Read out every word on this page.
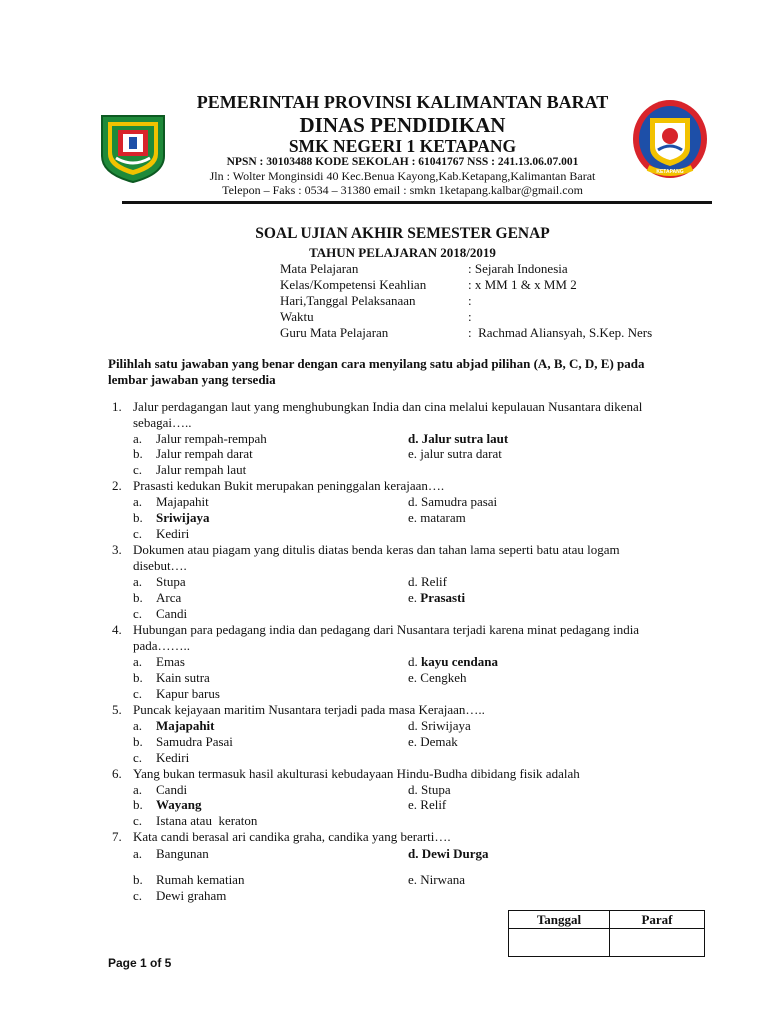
KETAPANG
PEMERINTAH PROVINSI KALIMANTAN BARAT
DINAS PENDIDIKAN
SMK NEGERI 1 KETAPANG
NPSN : 30103488 KODE SEKOLAH : 61041767 NSS : 241.13.06.07.001
Jln : Wolter Monginsidi 40 Kec.Benua Kayong,Kab.Ketapang,Kalimantan Barat
Telepon – Faks : 0534 – 31380 email : smkn 1ketapang.kalbar@gmail.com
SOAL UJIAN AKHIR SEMESTER GENAP
TAHUN PELAJARAN 2018/2019
Mata Pelajaran	: Sejarah Indonesia
Kelas/Kompetensi Keahlian	: x MM 1 & x MM 2
Hari,Tanggal Pelaksanaan	:
Waktu	:
Guru Mata Pelajaran	:  Rachmad Aliansyah, S.Kep. Ners
Pilihlah satu jawaban yang benar dengan cara menyilang satu abjad pilihan (A, B, C, D, E) pada
lembar jawaban yang tersedia
1. Jalur perdagangan laut yang menghubungkan India dan cina melalui kepulauan Nusantara dikenal
sebagai…..
a. Jalur rempah-rempah	d. Jalur sutra laut
b. Jalur rempah darat	e. jalur sutra darat
c. Jalur rempah laut
2. Prasasti kedukan Bukit merupakan peninggalan kerajaan….
a. Majapahit	d. Samudra pasai
b. Sriwijaya	e. mataram
c. Kediri
3. Dokumen atau piagam yang ditulis diatas benda keras dan tahan lama seperti batu atau logam
disebut….
a. Stupa	d. Relif
b. Arca	e. Prasasti
c. Candi
4. Hubungan para pedagang india dan pedagang dari Nusantara terjadi karena minat pedagang india
pada……..
a. Emas	d. kayu cendana
b. Kain sutra	e. Cengkeh
c. Kapur barus
5. Puncak kejayaan maritim Nusantara terjadi pada masa Kerajaan…..
a. Majapahit	d. Sriwijaya
b. Samudra Pasai	e. Demak
c. Kediri
6. Yang bukan termasuk hasil akulturasi kebudayaan Hindu-Budha dibidang fisik adalah
a. Candi	d. Stupa
b. Wayang	e. Relif
c. Istana atau  keraton
7. Kata candi berasal ari candika graha, candika yang berarti….
a. Bangunan	d. Dewi Durga
b. Rumah kematian	e. Nirwana
c. Dewi graham
Tanggal	Paraf

Page 1 of 5
